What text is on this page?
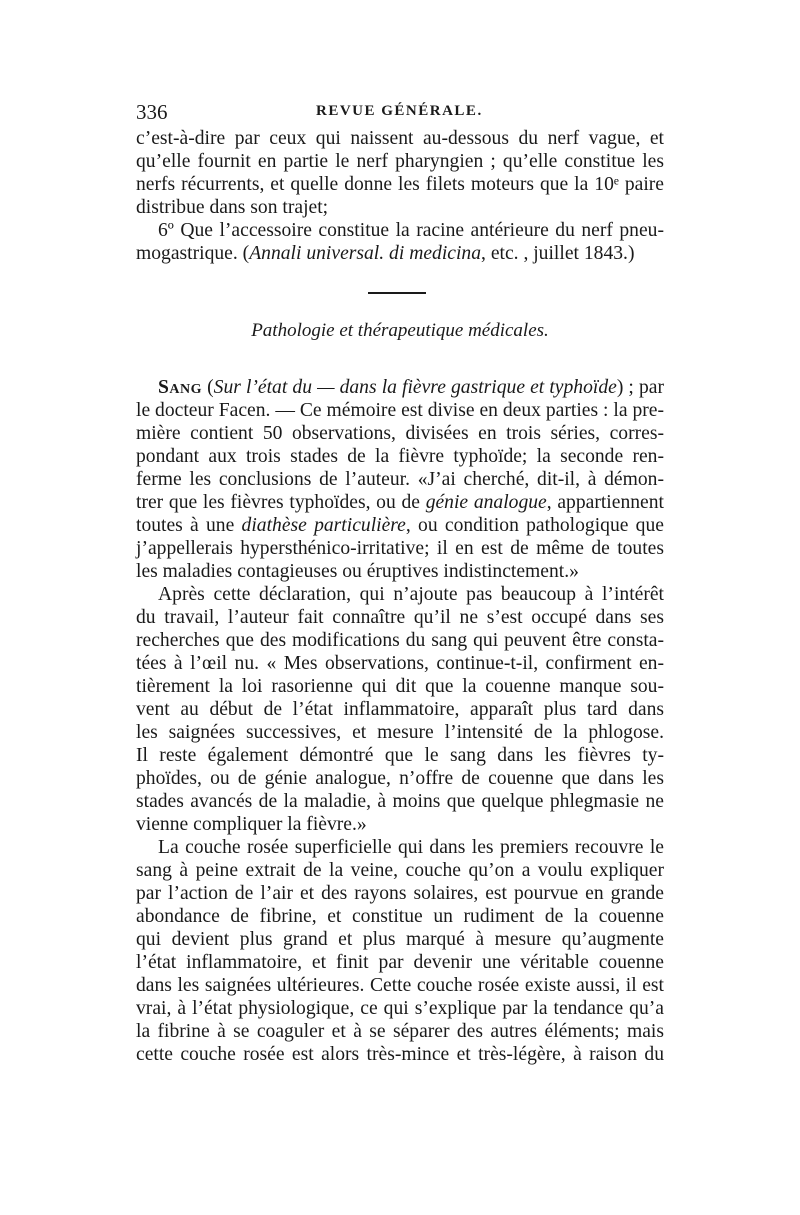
336	REVUE GÉNÉRALE.
c’est-à-dire par ceux qui naissent au-dessous du nerf vague, et
qu’elle fournit en partie le nerf pharyngien ; qu’elle constitue les
nerfs récurrents, et quelle donne les filets moteurs que la 10ᵉ paire
distribue dans son trajet;
6º Que l’accessoire constitue la racine antérieure du nerf pneu-
mogastrique. (Annali universal. di medicina, etc. , juillet 1843.)
Pathologie et thérapeutique médicales.
Sang (Sur l’état du — dans la fièvre gastrique et typhoïde) ; par
le docteur Facen. — Ce mémoire est divise en deux parties : la pre-
mière contient 50 observations, divisées en trois séries, corres-
pondant aux trois stades de la fièvre typhoïde; la seconde ren-
ferme les conclusions de l’auteur. «J’ai cherché, dit-il, à démon-
trer que les fièvres typhoïdes, ou de génie analogue, appartiennent
toutes à une diathèse particulière, ou condition pathologique que
j’appellerais hypersthénico-irritative; il en est de même de toutes
les maladies contagieuses ou éruptives indistinctement.»
Après cette déclaration, qui n’ajoute pas beaucoup à l’intérêt
du travail, l’auteur fait connaître qu’il ne s’est occupé dans ses
recherches que des modifications du sang qui peuvent être consta-
tées à l’œil nu. « Mes observations, continue-t-il, confirment en-
tièrement la loi rasorienne qui dit que la couenne manque sou-
vent au début de l’état inflammatoire, apparaît plus tard dans
les saignées successives, et mesure l’intensité de la phlogose.
Il reste également démontré que le sang dans les fièvres ty-
phoïdes, ou de génie analogue, n’offre de couenne que dans les
stades avancés de la maladie, à moins que quelque phlegmasie ne
vienne compliquer la fièvre.»
La couche rosée superficielle qui dans les premiers recouvre le
sang à peine extrait de la veine, couche qu’on a voulu expliquer
par l’action de l’air et des rayons solaires, est pourvue en grande
abondance de fibrine, et constitue un rudiment de la couenne
qui devient plus grand et plus marqué à mesure qu’augmente
l’état inflammatoire, et finit par devenir une véritable couenne
dans les saignées ultérieures. Cette couche rosée existe aussi, il est
vrai, à l’état physiologique, ce qui s’explique par la tendance qu’a
la fibrine à se coaguler et à se séparer des autres éléments; mais
cette couche rosée est alors très-mince et très-légère, à raison du
